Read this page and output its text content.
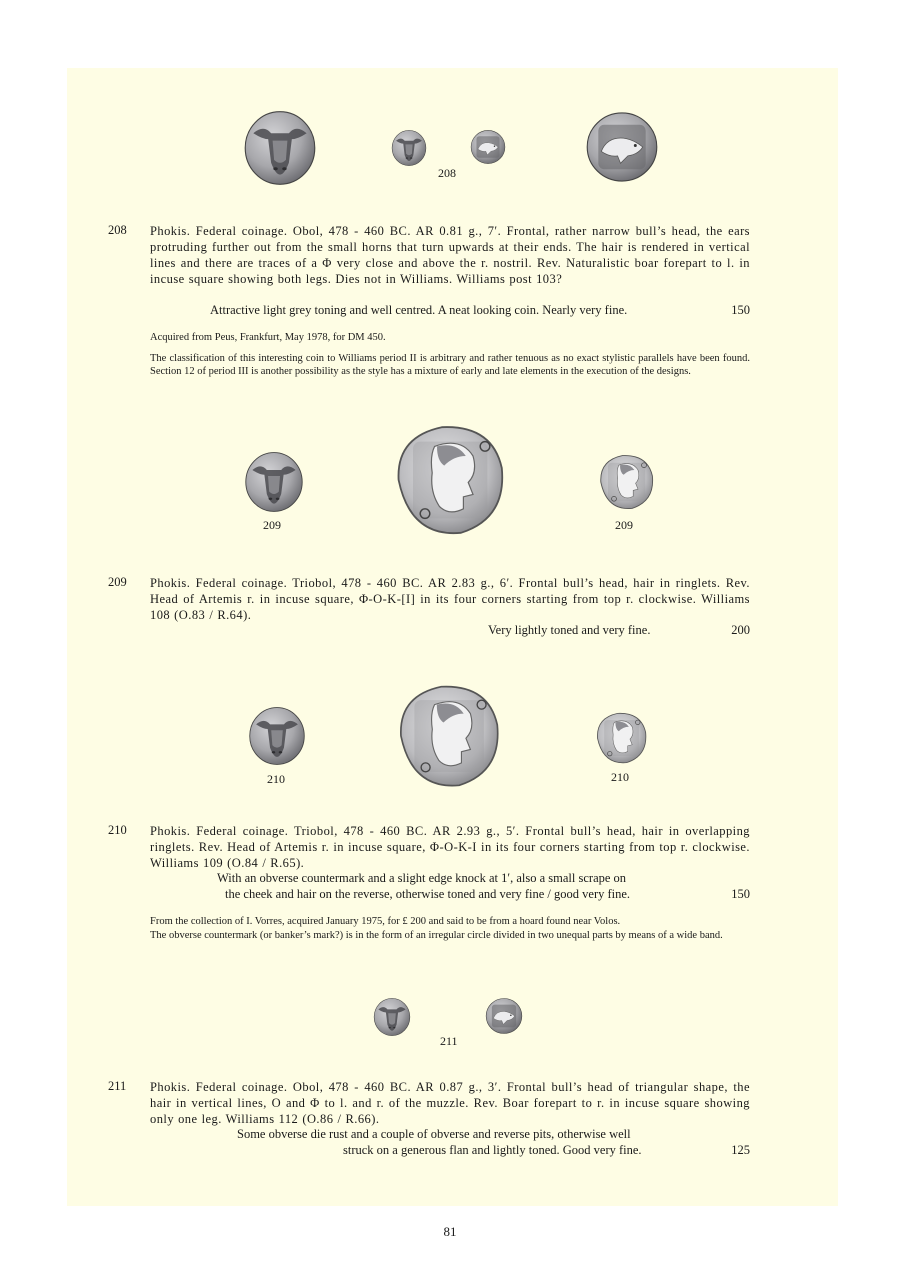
208
208 Phokis. Federal coinage. Obol, 478 - 460 BC. AR 0.81 g., 7′. Frontal, rather narrow bull’s head, the ears protruding further out from the small horns that turn upwards at their ends. The hair is rendered in vertical lines and there are traces of a Φ very close and above the r. nostril. Rev. Naturalistic boar forepart to l. in incuse square showing both legs. Dies not in Williams. Williams post 103?
Attractive light grey toning and well centred. A neat looking coin. Nearly very fine.	150
Acquired from Peus, Frankfurt, May 1978, for DM 450.
The classification of this interesting coin to Williams period II is arbitrary and rather tenuous as no exact stylistic parallels have been found. Section 12 of period III is another possibility as the style has a mixture of early and late elements in the execution of the designs.
209	209
209 Phokis. Federal coinage. Triobol, 478 - 460 BC. AR 2.83 g., 6′. Frontal bull’s head, hair in ringlets. Rev. Head of Artemis r. in incuse square, Φ-O-K-[I] in its four corners starting from top r. clockwise. Williams 108 (O.83 / R.64).
Very lightly toned and very fine.	200
210	210
210 Phokis. Federal coinage. Triobol, 478 - 460 BC. AR 2.93 g., 5′. Frontal bull’s head, hair in overlapping ringlets. Rev. Head of Artemis r. in incuse square, Φ-O-K-I in its four corners starting from top r. clockwise. Williams 109 (O.84 / R.65).
With an obverse countermark and a slight edge knock at 1′, also a small scrape on
the cheek and hair on the reverse, otherwise toned and very fine / good very fine.	150
From the collection of I. Vorres, acquired January 1975, for £ 200 and said to be from a hoard found near Volos.
The obverse countermark (or banker’s mark?) is in the form of an irregular circle divided in two unequal parts by means of a wide band.
211
211 Phokis. Federal coinage. Obol, 478 - 460 BC. AR 0.87 g., 3′. Frontal bull’s head of triangular shape, the hair in vertical lines, O and Φ to l. and r. of the muzzle. Rev. Boar forepart to r. in incuse square showing only one leg. Williams 112 (O.86 / R.66).
Some obverse die rust and a couple of obverse and reverse pits, otherwise well
struck on a generous flan and lightly toned. Good very fine.	125
81
